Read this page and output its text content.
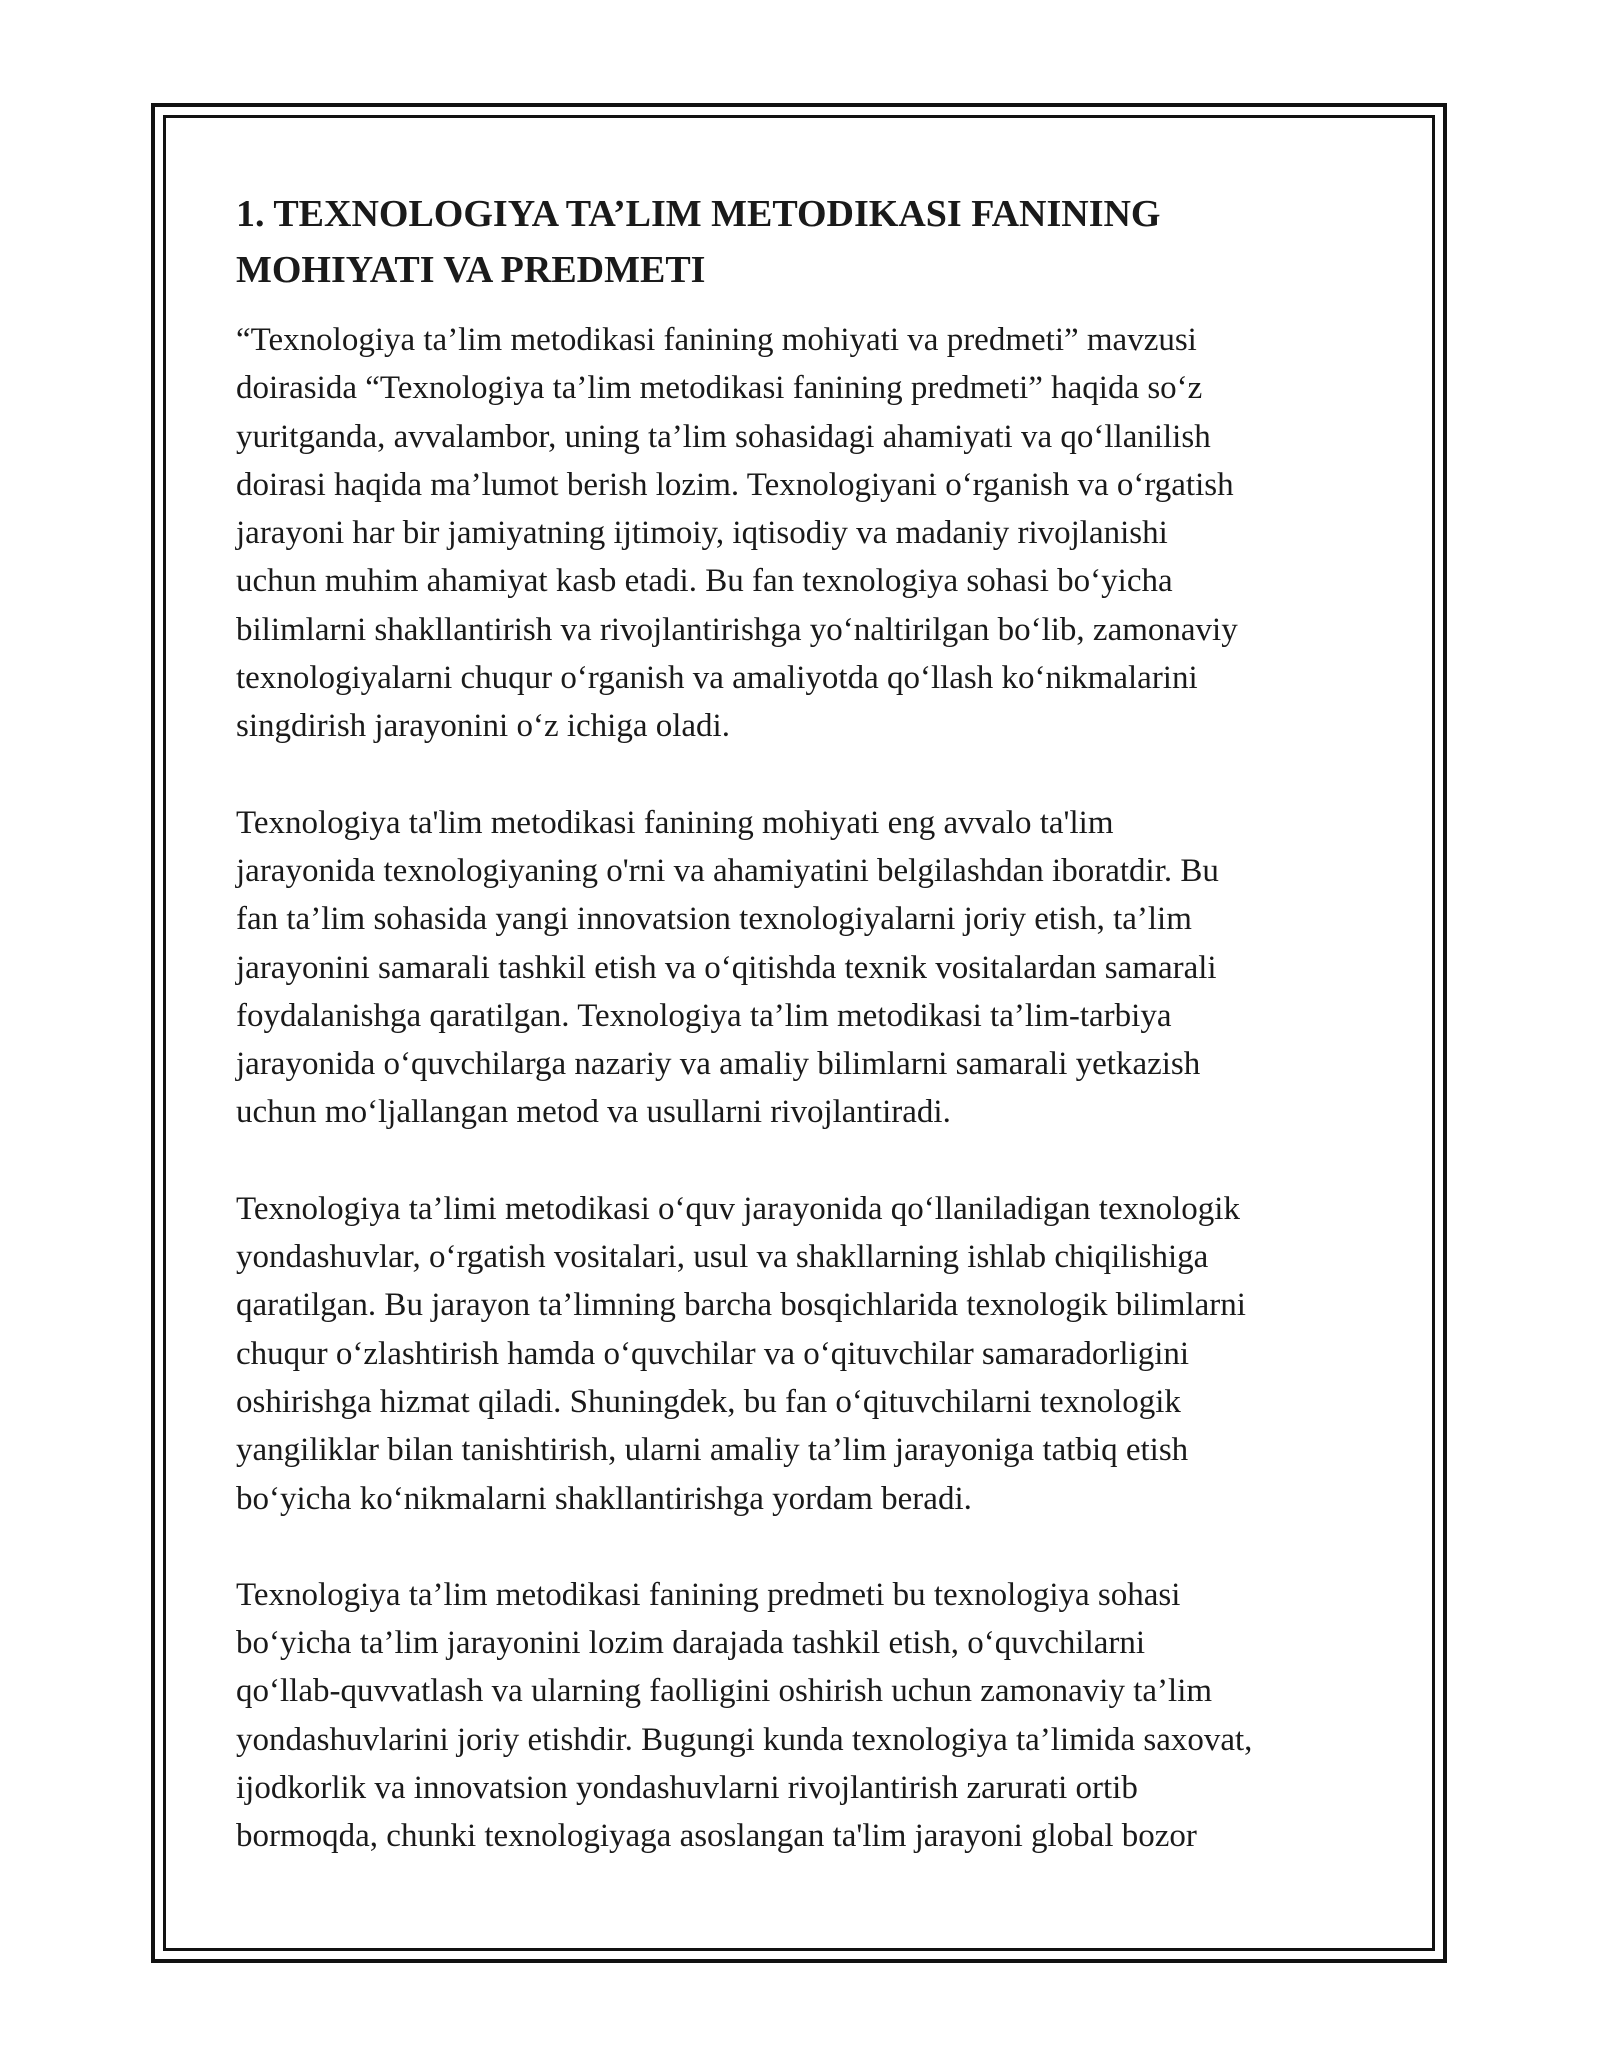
1. TEXNOLOGIYA TA’LIM METODIKASI FANINING
MOHIYATI VA PREDMETI

“Texnologiya ta’lim metodikasi fanining mohiyati va predmeti” mavzusi
doirasida “Texnologiya ta’lim metodikasi fanining predmeti” haqida so‘z
yuritganda, avvalambor, uning ta’lim sohasidagi ahamiyati va qo‘llanilish
doirasi haqida ma’lumot berish lozim. Texnologiyani o‘rganish va o‘rgatish
jarayoni har bir jamiyatning ijtimoiy, iqtisodiy va madaniy rivojlanishi
uchun muhim ahamiyat kasb etadi. Bu fan texnologiya sohasi bo‘yicha
bilimlarni shakllantirish va rivojlantirishga yo‘naltirilgan bo‘lib, zamonaviy
texnologiyalarni chuqur o‘rganish va amaliyotda qo‘llash ko‘nikmalarini
singdirish jarayonini o‘z ichiga oladi.

Texnologiya ta'lim metodikasi fanining mohiyati eng avvalo ta'lim
jarayonida texnologiyaning o'rni va ahamiyatini belgilashdan iboratdir. Bu
fan ta’lim sohasida yangi innovatsion texnologiyalarni joriy etish, ta’lim
jarayonini samarali tashkil etish va o‘qitishda texnik vositalardan samarali
foydalanishga qaratilgan. Texnologiya ta’lim metodikasi ta’lim-tarbiya
jarayonida o‘quvchilarga nazariy va amaliy bilimlarni samarali yetkazish
uchun mo‘ljallangan metod va usullarni rivojlantiradi.

Texnologiya ta’limi metodikasi o‘quv jarayonida qo‘llaniladigan texnologik
yondashuvlar, o‘rgatish vositalari, usul va shakllarning ishlab chiqilishiga
qaratilgan. Bu jarayon ta’limning barcha bosqichlarida texnologik bilimlarni
chuqur o‘zlashtirish hamda o‘quvchilar va o‘qituvchilar samaradorligini
oshirishga hizmat qiladi. Shuningdek, bu fan o‘qituvchilarni texnologik
yangiliklar bilan tanishtirish, ularni amaliy ta’lim jarayoniga tatbiq etish
bo‘yicha ko‘nikmalarni shakllantirishga yordam beradi.

Texnologiya ta’lim metodikasi fanining predmeti bu texnologiya sohasi
bo‘yicha ta’lim jarayonini lozim darajada tashkil etish, o‘quvchilarni
qo‘llab-quvvatlash va ularning faolligini oshirish uchun zamonaviy ta’lim
yondashuvlarini joriy etishdir. Bugungi kunda texnologiya ta’limida saxovat,
ijodkorlik va innovatsion yondashuvlarni rivojlantirish zarurati ortib
bormoqda, chunki texnologiyaga asoslangan ta'lim jarayoni global bozor
